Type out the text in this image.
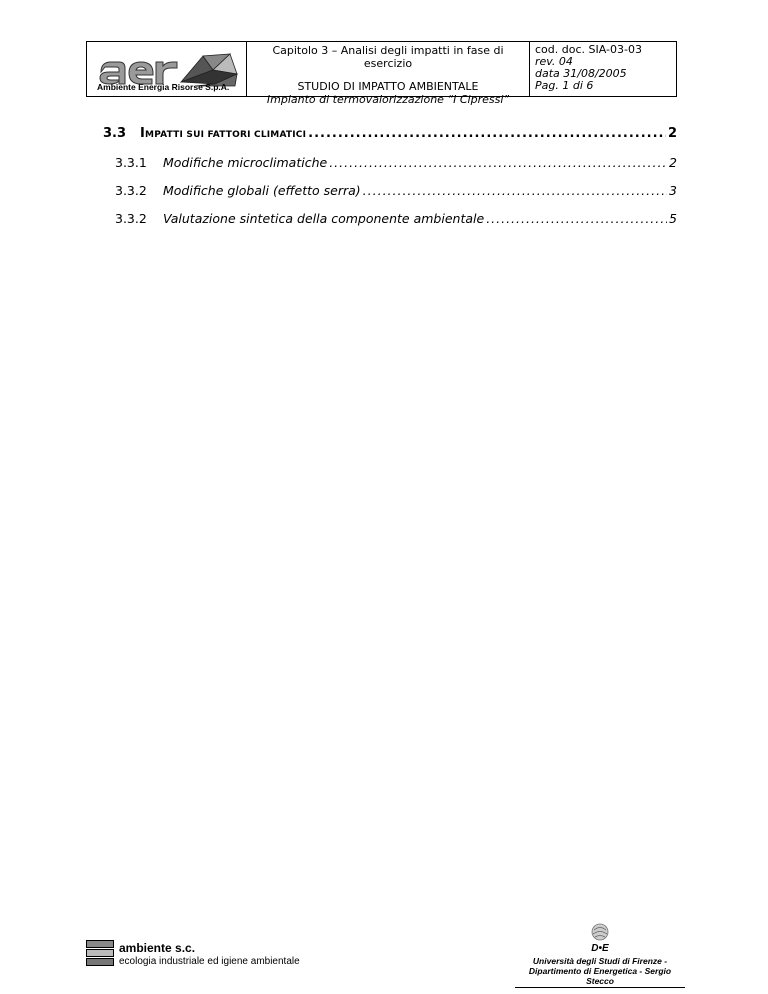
Ambiente Energia Risorse S.p.A.
Capitolo 3 – Analisi degli impatti in fase di esercizio
STUDIO DI IMPATTO AMBIENTALE
Impianto di termovalorizzazione “I Cipressi”
cod. doc. SIA-03-03
rev. 04
data 31/08/2005
Pag. 1 di 6
3.3	IMPATTI SUI FATTORI CLIMATICI .....	2
3.3.1	Modifiche microclimatiche .....	2
3.3.2	Modifiche globali (effetto serra) .....	3
3.3.2	Valutazione sintetica della componente ambientale .....	5
ambiente s.c.
ecologia industriale ed igiene ambientale
D•E
Università degli Studi di Firenze -
Dipartimento di Energetica - Sergio Stecco
